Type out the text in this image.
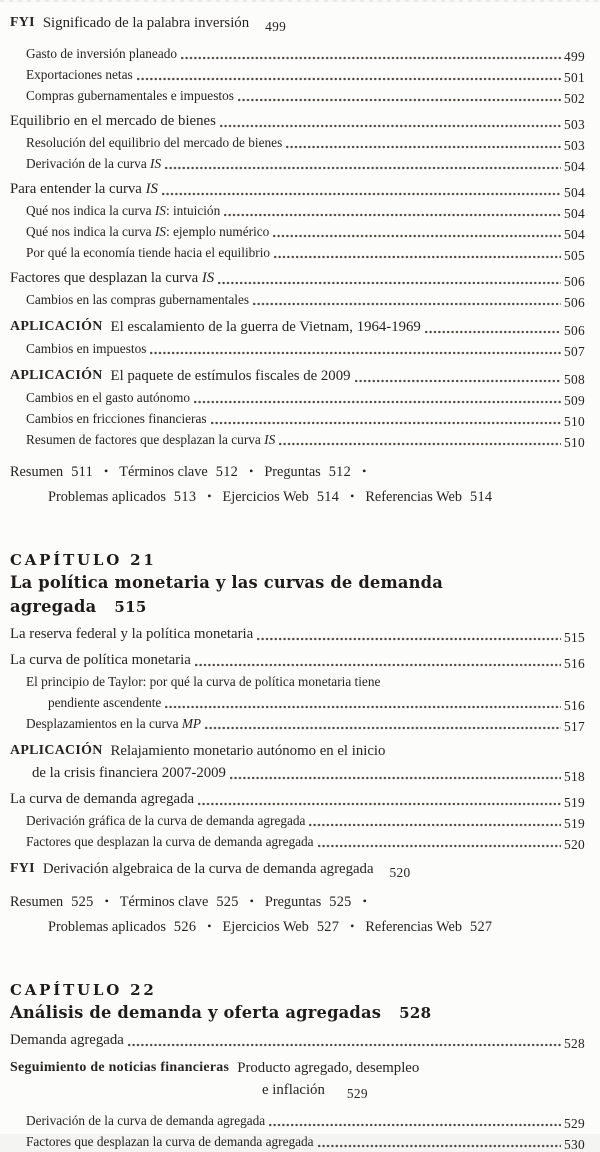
FYI Significado de la palabra inversión 499
Gasto de inversión planeado	499
Exportaciones netas	501
Compras gubernamentales e impuestos	502
Equilibrio en el mercado de bienes	503
Resolución del equilibrio del mercado de bienes	503
Derivación de la curva IS	504
Para entender la curva IS	504
Qué nos indica la curva IS: intuición	504
Qué nos indica la curva IS: ejemplo numérico	504
Por qué la economía tiende hacia el equilibrio	505
Factores que desplazan la curva IS	506
Cambios en las compras gubernamentales	506
APLICACIÓN El escalamiento de la guerra de Vietnam, 1964-1969	506
Cambios en impuestos	507
APLICACIÓN El paquete de estímulos fiscales de 2009	508
Cambios en el gasto autónomo	509
Cambios en fricciones financieras	510
Resumen de factores que desplazan la curva IS	510
Resumen 511 • Términos clave 512 • Preguntas 512 •
Problemas aplicados 513 • Ejercicios Web 514 • Referencias Web 514
CAPÍTULO 21
La política monetaria y las curvas de demanda agregada 515
La reserva federal y la política monetaria	515
La curva de política monetaria	516
El principio de Taylor: por qué la curva de política monetaria tiene
pendiente ascendente	516
Desplazamientos en la curva MP	517
APLICACIÓN Relajamiento monetario autónomo en el inicio
de la crisis financiera 2007-2009	518
La curva de demanda agregada	519
Derivación gráfica de la curva de demanda agregada	519
Factores que desplazan la curva de demanda agregada	520
FYI Derivación algebraica de la curva de demanda agregada 520
Resumen 525 • Términos clave 525 • Preguntas 525 •
Problemas aplicados 526 • Ejercicios Web 527 • Referencias Web 527
CAPÍTULO 22
Análisis de demanda y oferta agregadas 528
Demanda agregada	528
Seguimiento de noticias financieras Producto agregado, desempleo
e inflación 529
Derivación de la curva de demanda agregada	529
Factores que desplazan la curva de demanda agregada	530
